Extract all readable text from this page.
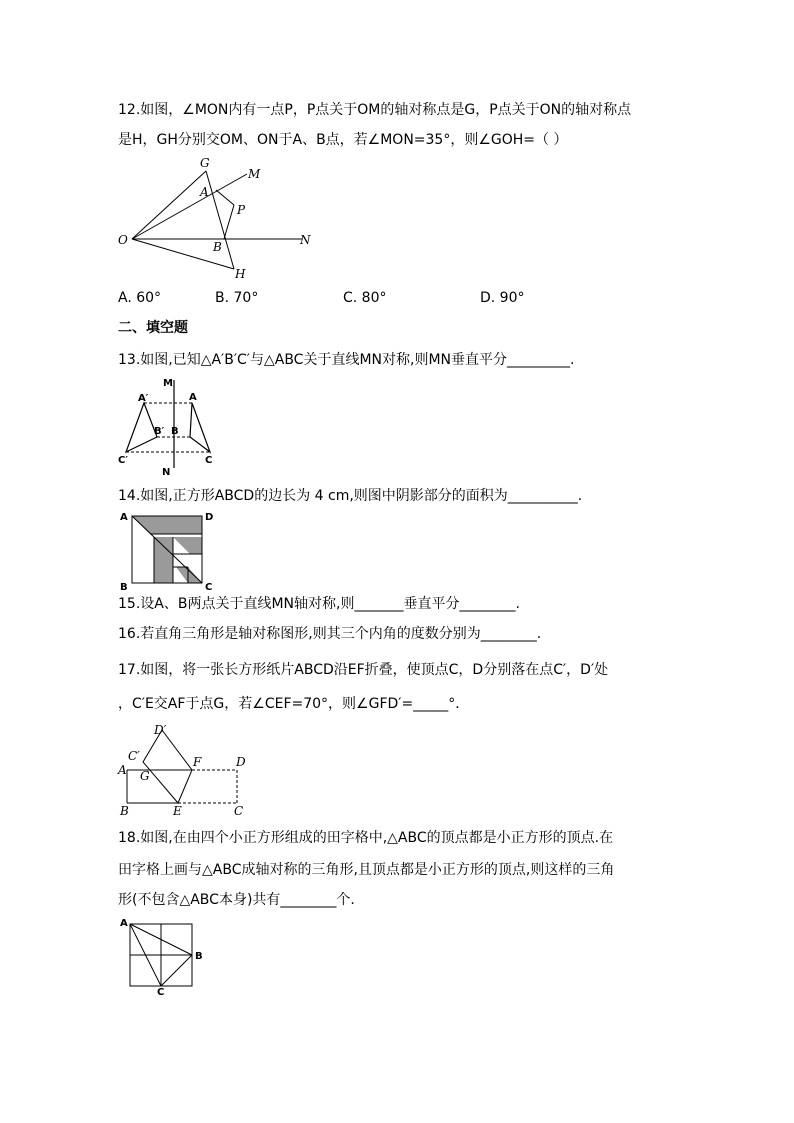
12.如图，∠MON内有一点P，P点关于OM的轴对称点是G，P点关于ON的轴对称点
是H，GH分别交OM、ON于A、B点，若∠MON=35°，则∠GOH=（ ）
G
A
M
P
O	B	N
H
A. 60°	B. 70°	C. 80°	D. 90°
二、填空题
13.如图,已知△A′B′C′与△ABC关于直线MN对称,则MN垂直平分_________.
M
A′	A
B′ B
C′	C
N
14.如图,正方形ABCD的边长为 4 cm,则图中阴影部分的面积为__________.
A	D
B	C
15.设A、B两点关于直线MN轴对称,则_______垂直平分________.
16.若直角三角形是轴对称图形,则其三个内角的度数分别为________.
17.如图，将一张长方形纸片ABCD沿EF折叠，使顶点C，D分别落在点C′，D′处
，C′E交AF于点G，若∠CEF=70°，则∠GFD′=_____°．
D′
C′
A G
F	D
B	E	C
18.如图,在由四个小正方形组成的田字格中,△ABC的顶点都是小正方形的顶点.在
田字格上画与△ABC成轴对称的三角形,且顶点都是小正方形的顶点,则这样的三角
形(不包含△ABC本身)共有________个.
A
B
C
